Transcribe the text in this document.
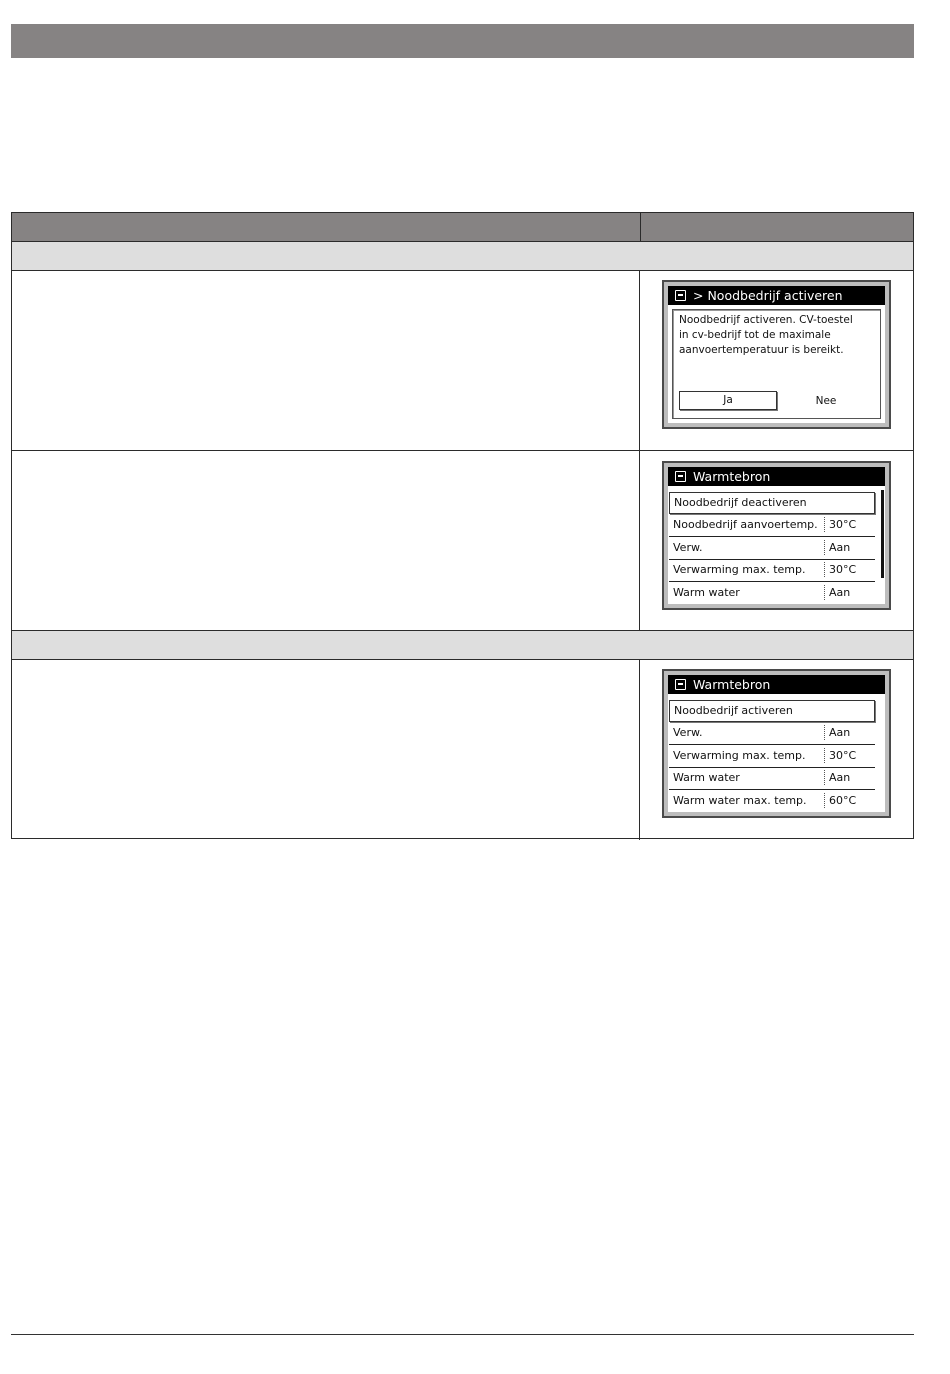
> Noodbedrijf activeren
Noodbedrijf activeren. CV-toestel
in cv-bedrijf tot de maximale
aanvoertemperatuur is bereikt.
Ja	Nee
Warmtebron
Noodbedrijf deactiveren
Noodbedrijf aanvoertemp.	30°C
Verw.	Aan
Verwarming max. temp.	30°C
Warm water	Aan
Warmtebron
Noodbedrijf activeren
Verw.	Aan
Verwarming max. temp.	30°C
Warm water	Aan
Warm water max. temp.	60°C
